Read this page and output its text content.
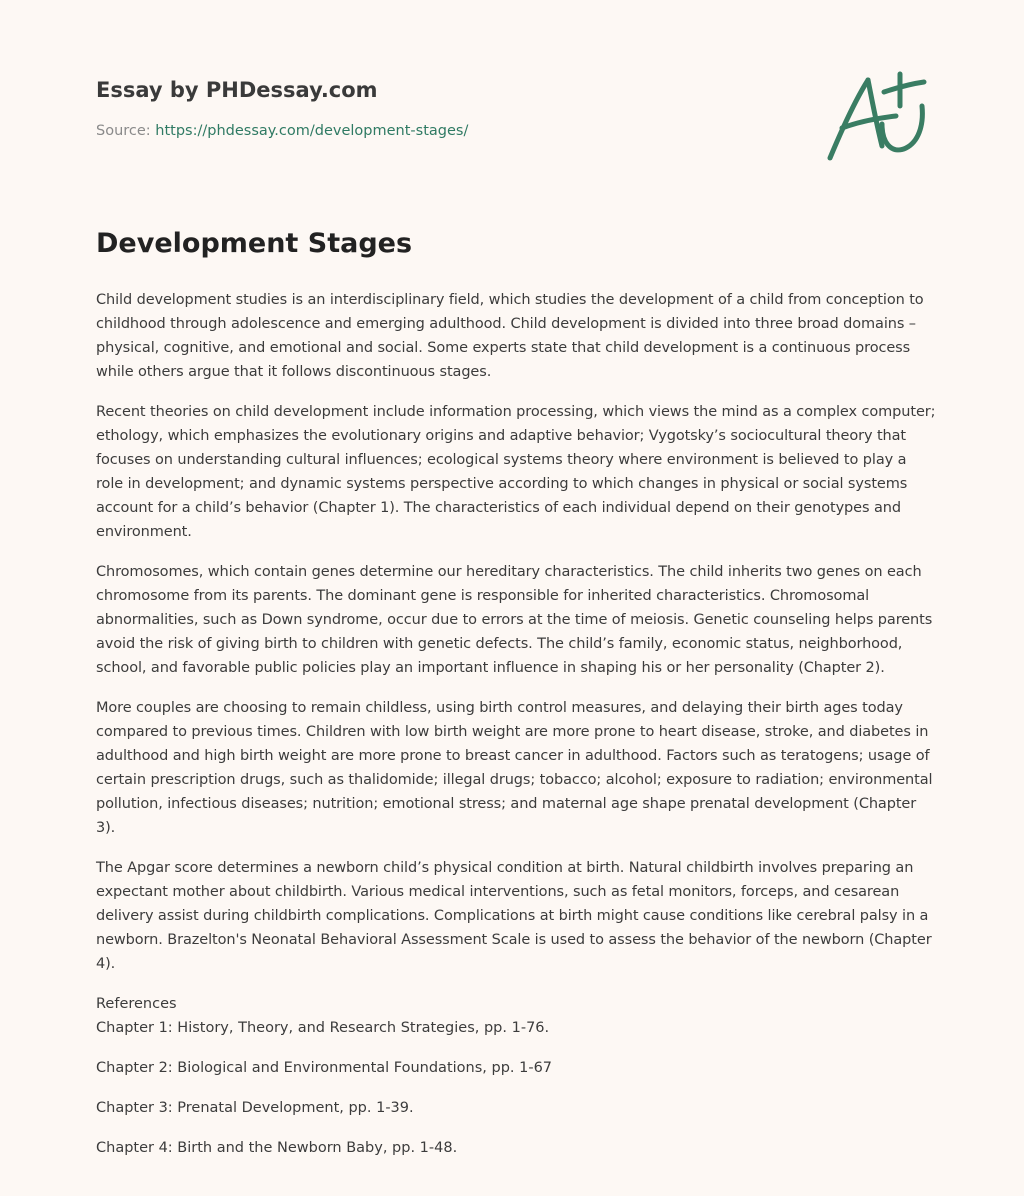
Essay by PHDessay.com
Source: https://phdessay.com/development-stages/
Development Stages

Child development studies is an interdisciplinary field, which studies the development of a child from conception to childhood through adolescence and emerging adulthood. Child development is divided into three broad domains – physical, cognitive, and emotional and social. Some experts state that child development is a continuous process while others argue that it follows discontinuous stages.

Recent theories on child development include information processing, which views the mind as a complex computer; ethology, which emphasizes the evolutionary origins and adaptive behavior; Vygotsky’s sociocultural theory that focuses on understanding cultural influences; ecological systems theory where environment is believed to play a role in development; and dynamic systems perspective according to which changes in physical or social systems account for a child’s behavior (Chapter 1). The characteristics of each individual depend on their genotypes and environment.

Chromosomes, which contain genes determine our hereditary characteristics. The child inherits two genes on each chromosome from its parents. The dominant gene is responsible for inherited characteristics. Chromosomal abnormalities, such as Down syndrome, occur due to errors at the time of meiosis. Genetic counseling helps parents avoid the risk of giving birth to children with genetic defects. The child’s family, economic status, neighborhood, school, and favorable public policies play an important influence in shaping his or her personality (Chapter 2).

More couples are choosing to remain childless, using birth control measures, and delaying their birth ages today compared to previous times. Children with low birth weight are more prone to heart disease, stroke, and diabetes in adulthood and high birth weight are more prone to breast cancer in adulthood. Factors such as teratogens; usage of certain prescription drugs, such as thalidomide; illegal drugs; tobacco; alcohol; exposure to radiation; environmental pollution, infectious diseases; nutrition; emotional stress; and maternal age shape prenatal development (Chapter 3).

The Apgar score determines a newborn child’s physical condition at birth. Natural childbirth involves preparing an expectant mother about childbirth. Various medical interventions, such as fetal monitors, forceps, and cesarean delivery assist during childbirth complications. Complications at birth might cause conditions like cerebral palsy in a newborn. Brazelton's Neonatal Behavioral Assessment Scale is used to assess the behavior of the newborn (Chapter 4).

References

Chapter 1: History, Theory, and Research Strategies, pp. 1-76.

Chapter 2: Biological and Environmental Foundations, pp. 1-67

Chapter 3: Prenatal Development, pp. 1-39.

Chapter 4: Birth and the Newborn Baby, pp. 1-48.
